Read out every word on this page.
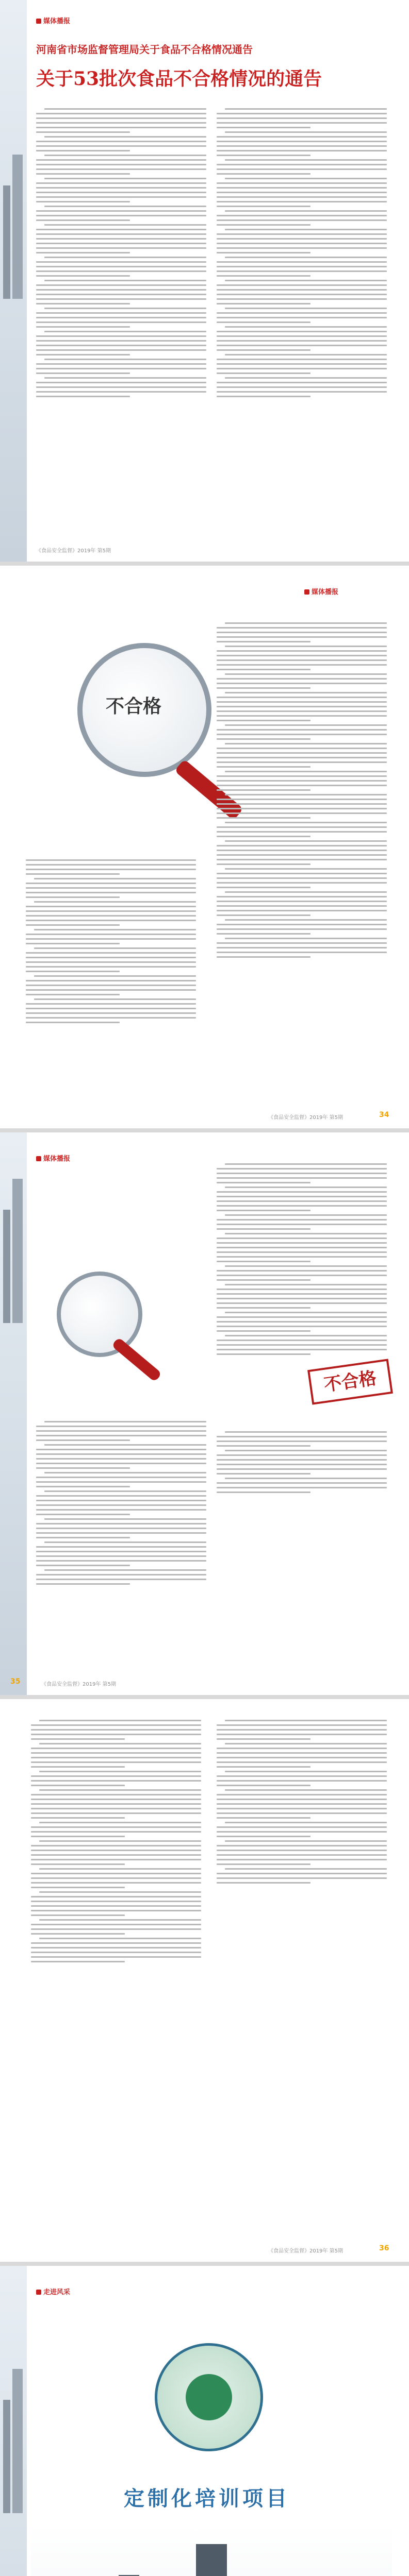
媒体播报
河南省市场监督管理局关于食品不合格情况通告
关于53批次食品不合格情况的通告
《食品安全监督》2019年 第5期
媒体播报
不合格
《食品安全监督》2019年 第5期	34
媒体播报
不合格
《食品安全监督》2019年 第5期
35
《食品安全监督》2019年 第5期	36
走进风采
定制化培训项目
